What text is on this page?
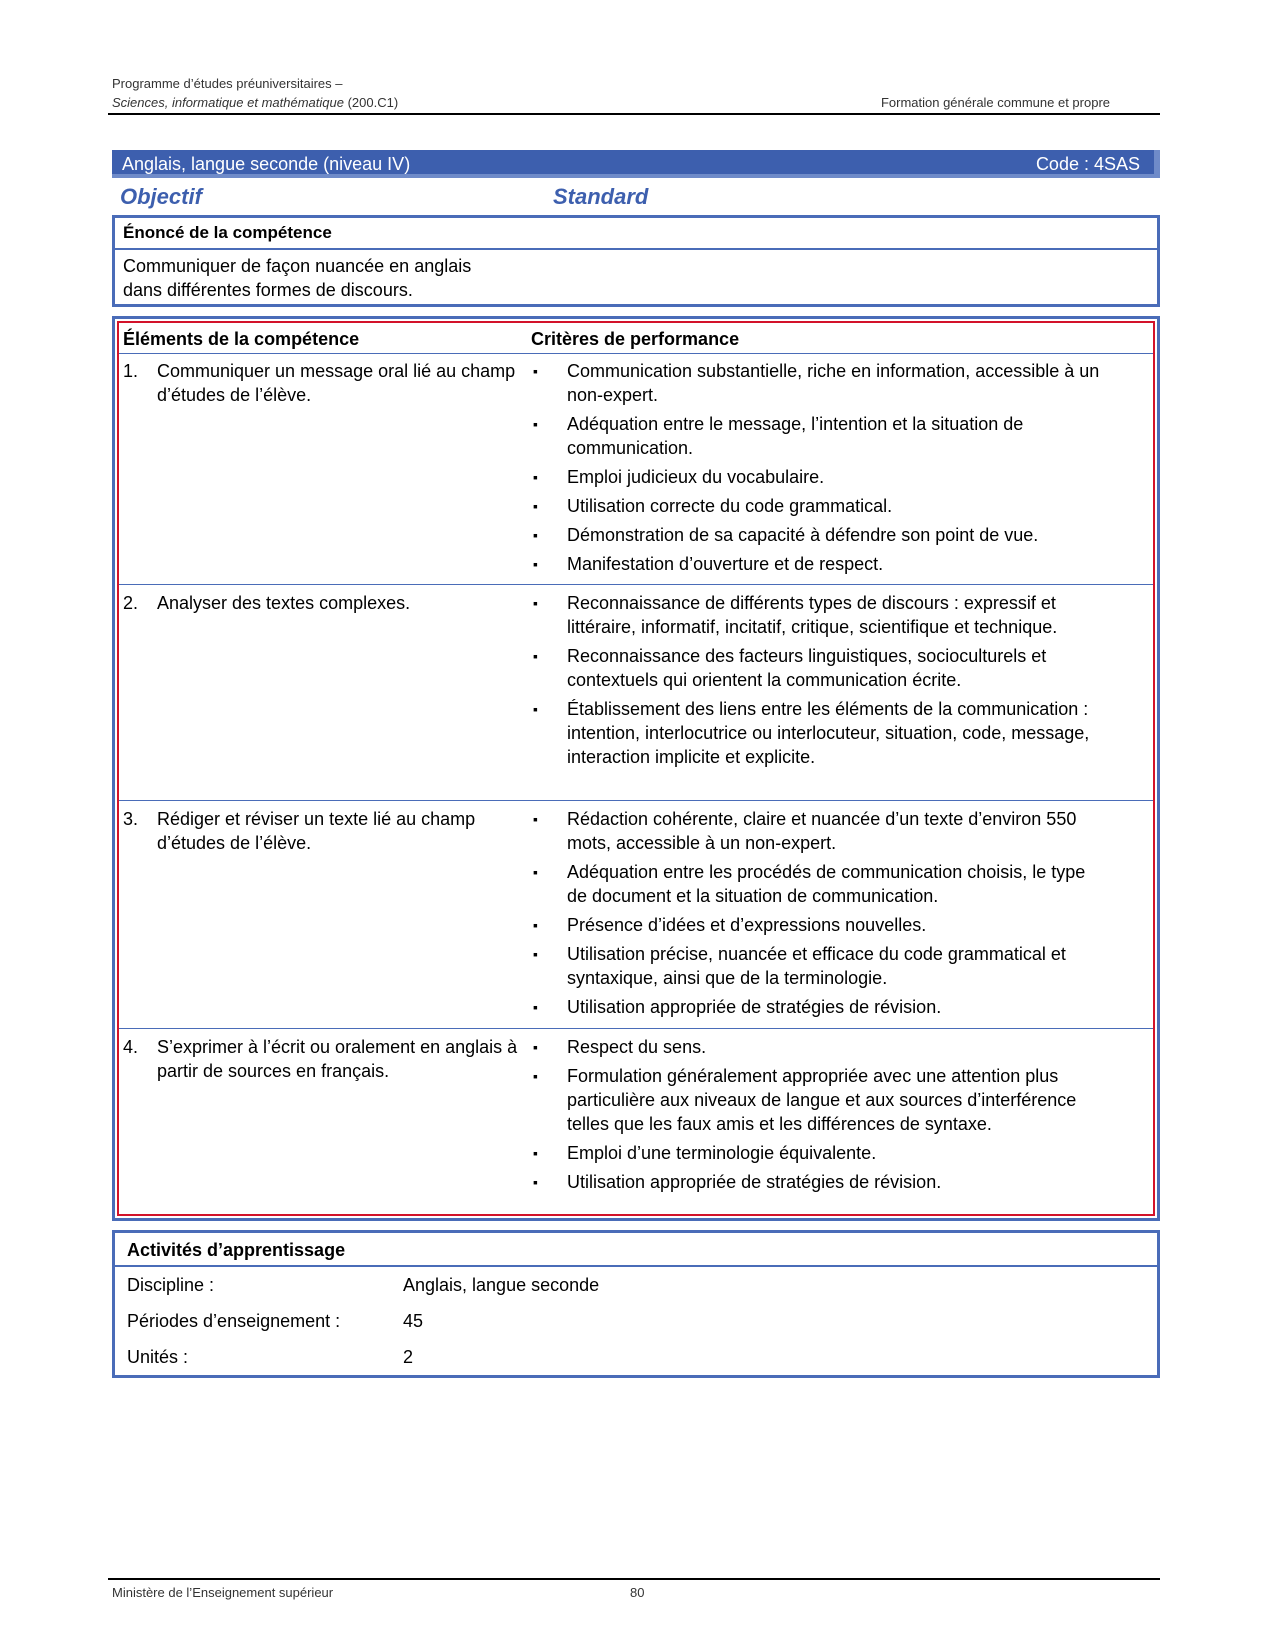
Programme d’études préuniversitaires –
Sciences, informatique et mathématique (200.C1)	Formation générale commune et propre
Anglais, langue seconde (niveau IV)	Code : 4SAS
Objectif	Standard
Énoncé de la compétence
Communiquer de façon nuancée en anglais
dans différentes formes de discours.
Éléments de la compétence	Critères de performance
1. Communiquer un message oral lié au champ d’études de l’élève.
▪ Communication substantielle, riche en information, accessible à un non-expert.
▪ Adéquation entre le message, l’intention et la situation de communication.
▪ Emploi judicieux du vocabulaire.
▪ Utilisation correcte du code grammatical.
▪ Démonstration de sa capacité à défendre son point de vue.
▪ Manifestation d’ouverture et de respect.
2. Analyser des textes complexes.	▪ Reconnaissance de différents types de discours : expressif et littéraire, informatif, incitatif, critique, scientifique et technique.
▪ Reconnaissance des facteurs linguistiques, socioculturels et contextuels qui orientent la communication écrite.
▪ Établissement des liens entre les éléments de la communication : intention, interlocutrice ou interlocuteur, situation, code, message, interaction implicite et explicite.
3. Rédiger et réviser un texte lié au champ d’études de l’élève.
▪ Rédaction cohérente, claire et nuancée d’un texte d’environ 550 mots, accessible à un non-expert.
▪ Adéquation entre les procédés de communication choisis, le type de document et la situation de communication.
▪ Présence d’idées et d’expressions nouvelles.
▪ Utilisation précise, nuancée et efficace du code grammatical et syntaxique, ainsi que de la terminologie.
▪ Utilisation appropriée de stratégies de révision.
4. S’exprimer à l’écrit ou oralement en anglais à partir de sources en français.
▪ Respect du sens.
▪ Formulation généralement appropriée avec une attention plus particulière aux niveaux de langue et aux sources d’interférence telles que les faux amis et les différences de syntaxe.
▪ Emploi d’une terminologie équivalente.
▪ Utilisation appropriée de stratégies de révision.
Activités d’apprentissage
Discipline :	Anglais, langue seconde
Périodes d’enseignement :	45
Unités :	2
Ministère de l’Enseignement supérieur	80
